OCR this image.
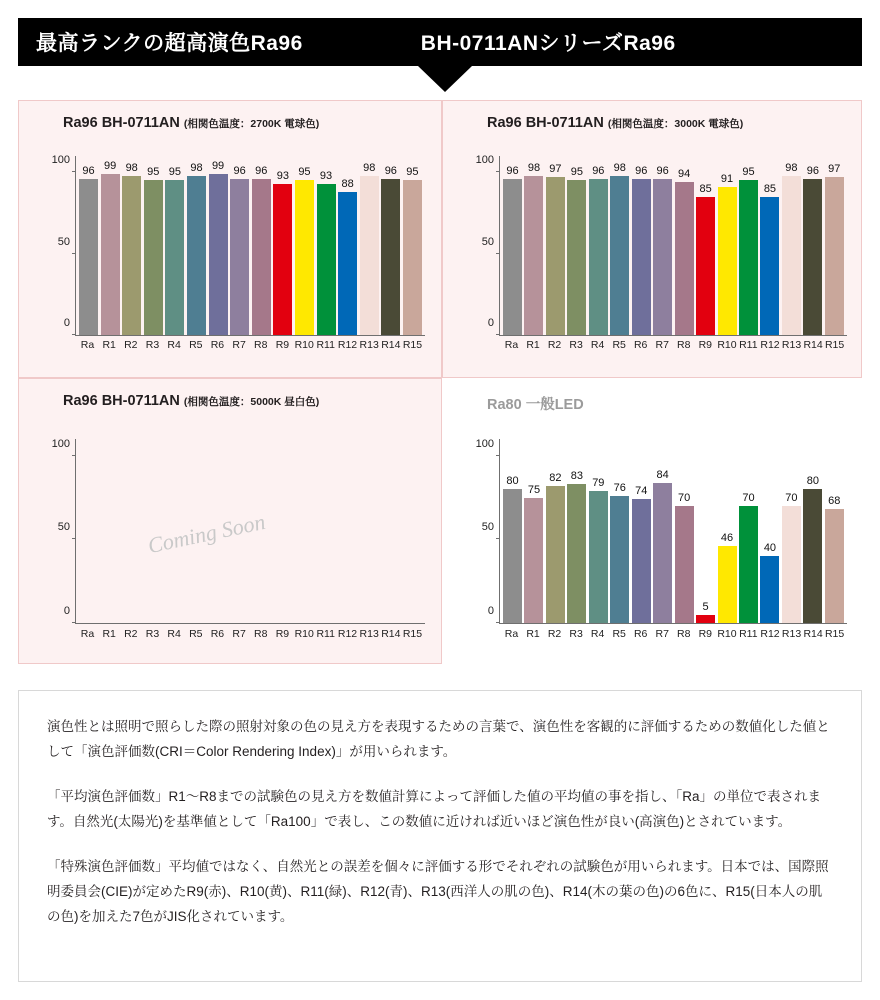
最高ランクの超高演色Ra96	BH-0711ANシリーズRa96
Ra96 BH-0711AN (相関色温度：2700K 電球色)
96 99 98 95 95 98 99 96 96 93 95 93
88
98 96 95
0
50
100
Ra R1 R2 R3 R4 R5 R6 R7 R8 R9 R10 R11 R12 R13 R14 R15
Ra96 BH-0711AN (相関色温度：3000K 電球色)
96 98 97 95 96 98 96 96 94
85
91
95
85
98 96 97
0
50
100
Ra R1 R2 R3 R4 R5 R6 R7 R8 R9 R10 R11 R12 R13 R14 R15
Ra96 BH-0711AN (相関色温度：5000K 昼白色)
0
50
100
Coming Soon
Ra R1 R2 R3 R4 R5 R6 R7 R8 R9 R10 R11 R12 R13 R14 R15
Ra80 一般LED
80
75
82 83
79 76 74
84
70
5
46
70
40
70
80
68
0
50
100
Ra R1 R2 R3 R4 R5 R6 R7 R8 R9 R10 R11 R12 R13 R14 R15

演色性とは照明で照らした際の照射対象の色の見え方を表現するための言葉で、演色性を客観的に評価するための数値化した値として「演色評価数(CRI＝Color Rendering Index)」が用いられます。

「平均演色評価数」R1〜R8までの試験色の見え方を数値計算によって評価した値の平均値の事を指し、「Ra」の単位で表されます。自然光(太陽光)を基準値として「Ra100」で表し、この数値に近ければ近いほど演色性が良い(高演色)とされています。

「特殊演色評価数」平均値ではなく、自然光との誤差を個々に評価する形でそれぞれの試験色が用いられます。日本では、国際照明委員会(CIE)が定めたR9(赤)、R10(黄)、R11(緑)、R12(青)、R13(西洋人の肌の色)、R14(木の葉の色)の6色に、R15(日本人の肌の色)を加えた7色がJIS化されています。
